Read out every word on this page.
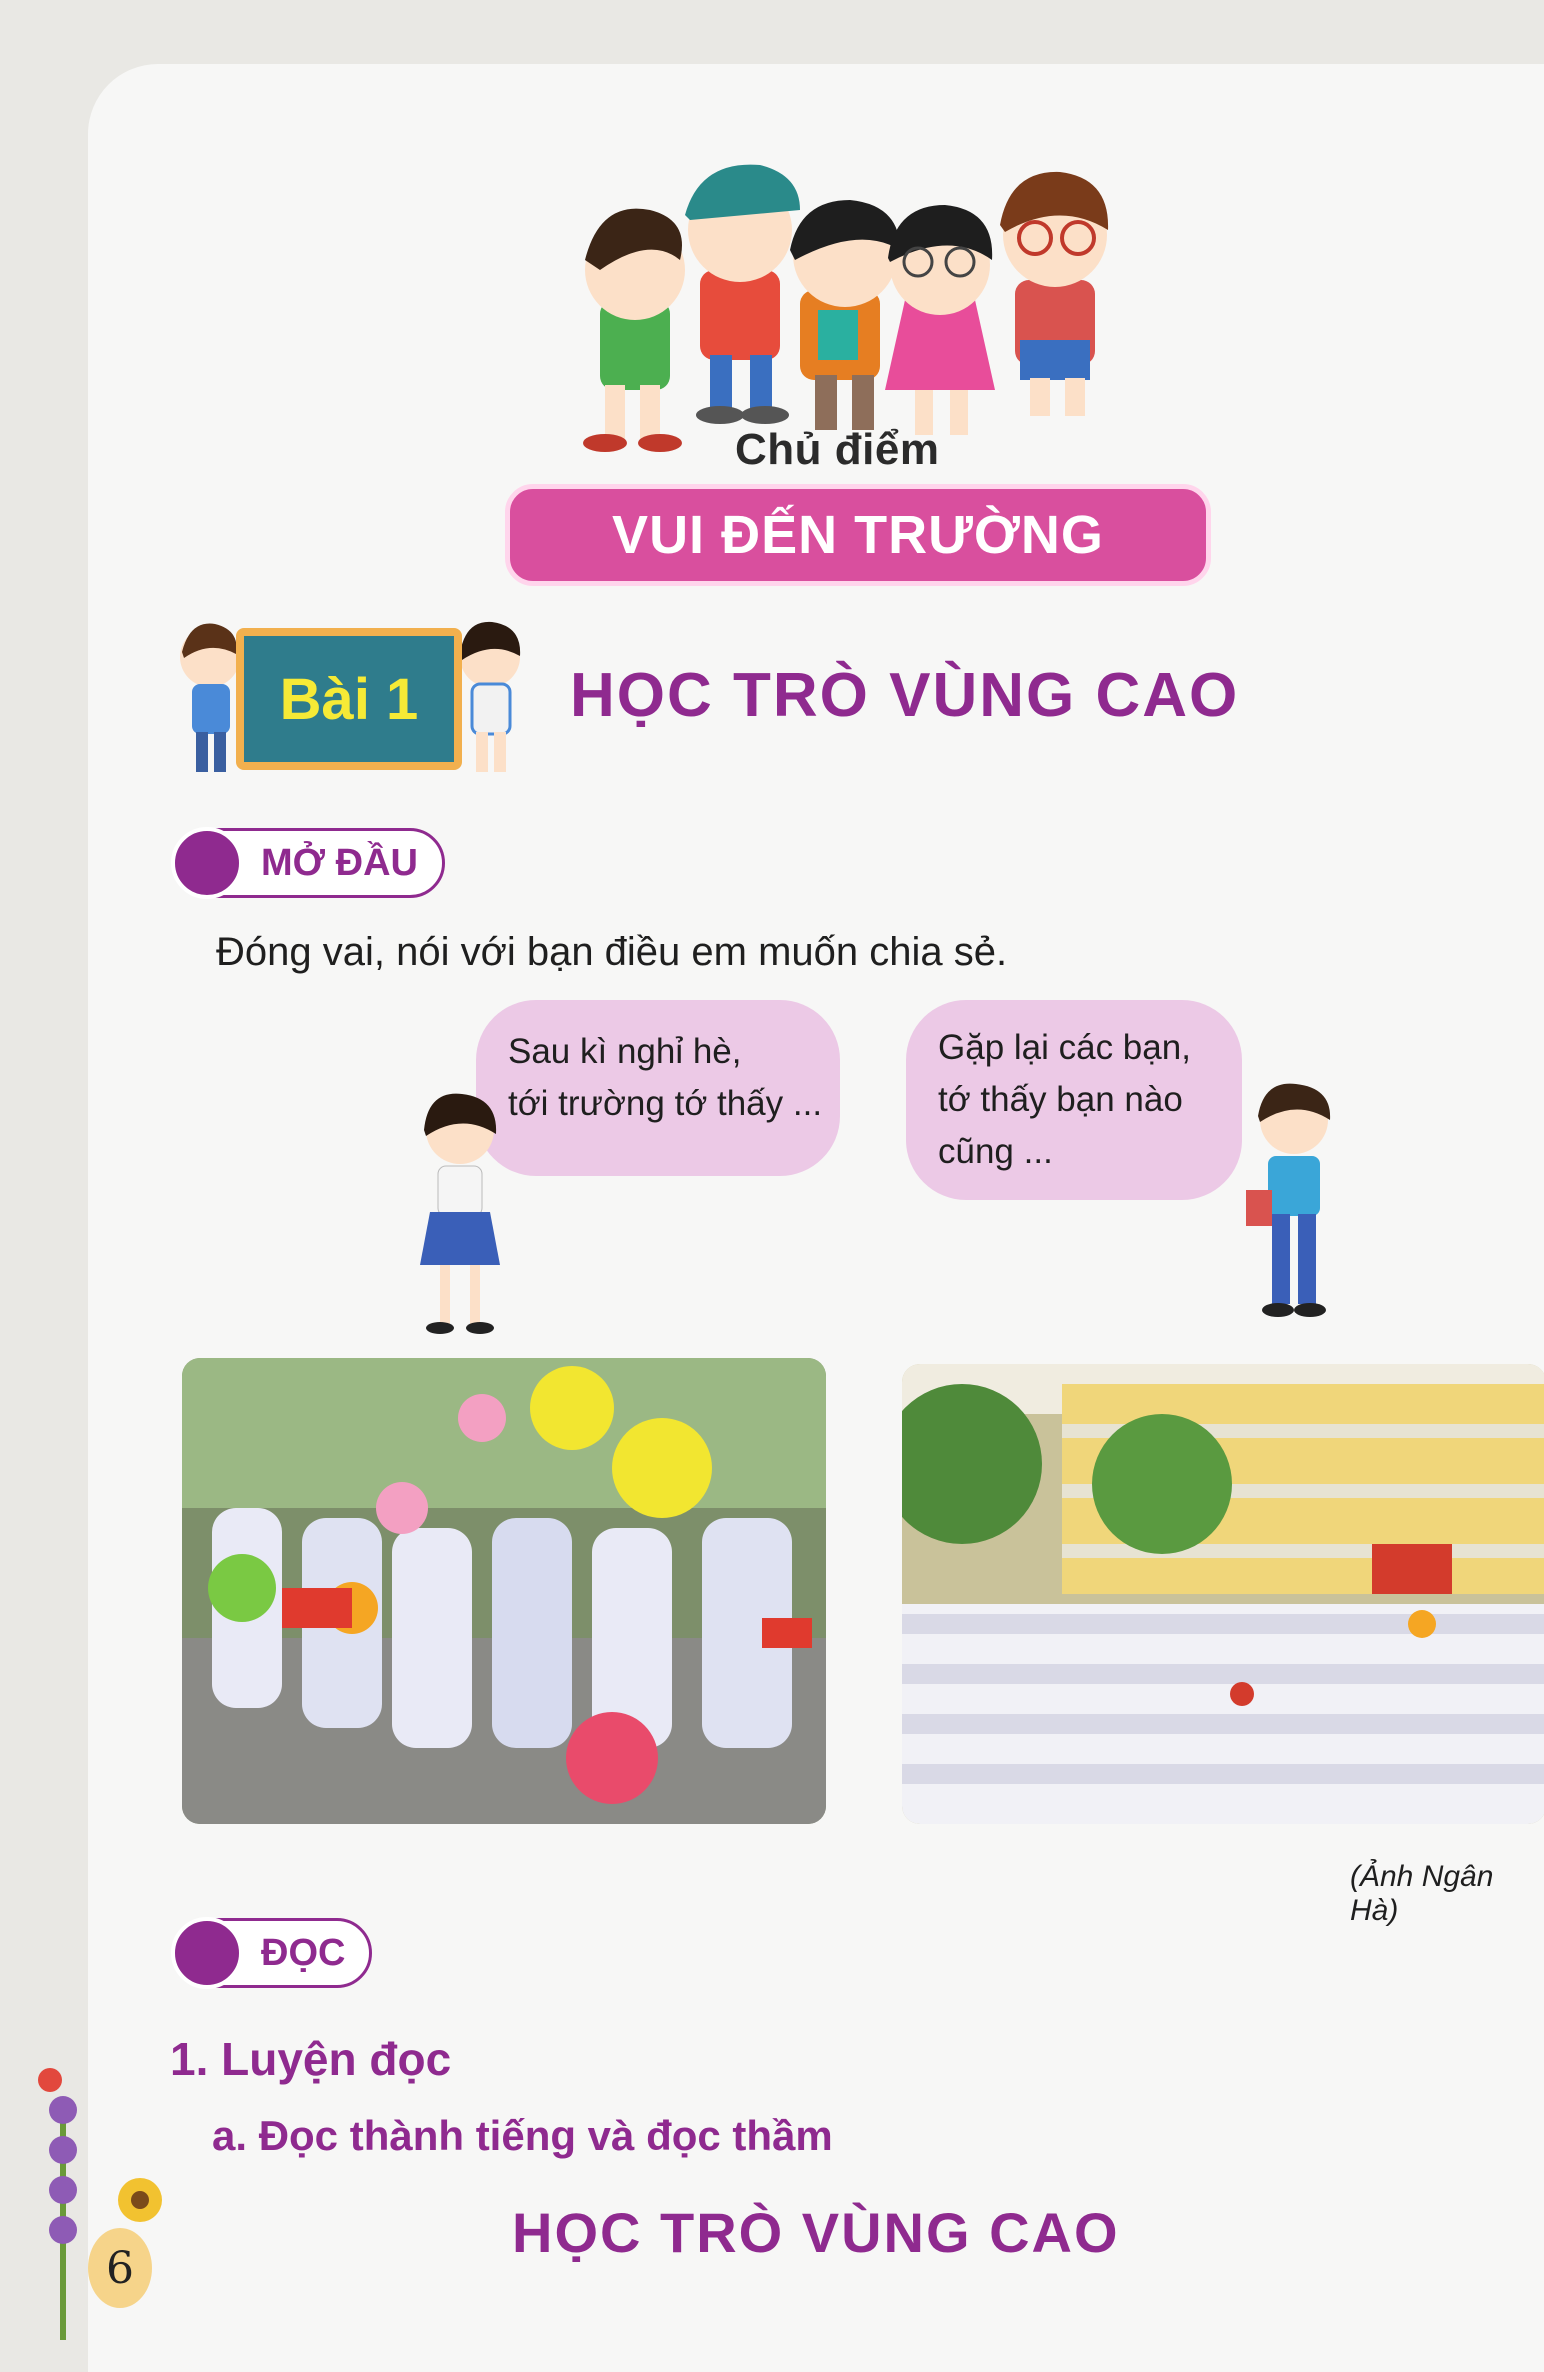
Chủ điểm
VUI ĐẾN TRƯỜNG
Bài 1 HỌC TRÒ VÙNG CAO
MỞ ĐẦU
Đóng vai, nói với bạn điều em muốn chia sẻ.
Sau kì nghỉ hè,
tới trường tớ thấy ...
Gặp lại các bạn,
tớ thấy bạn nào
cũng ...
(Ảnh Ngân Hà)
ĐỌC
1. Luyện đọc
a. Đọc thành tiếng và đọc thầm
HỌC TRÒ VÙNG CAO
6
